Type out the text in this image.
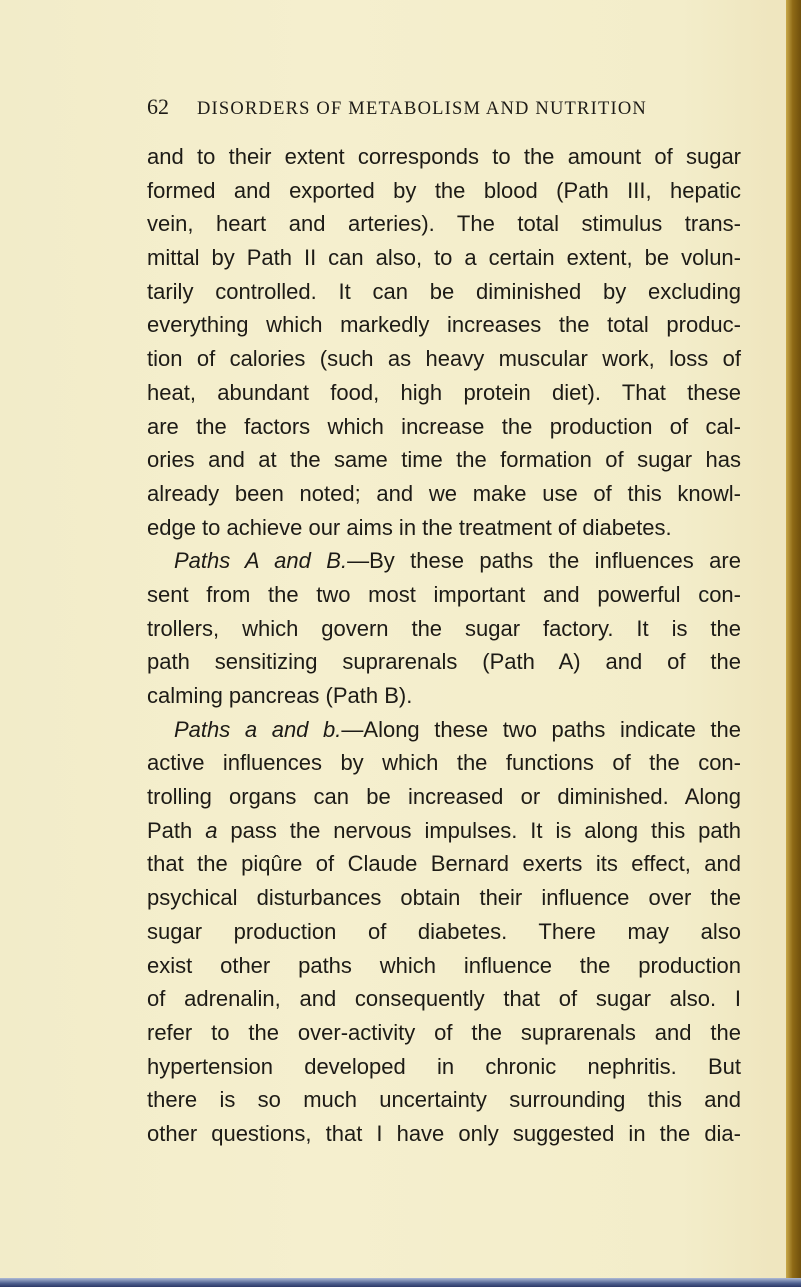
62 DISORDERS OF METABOLISM AND NUTRITION
and to their extent corresponds to the amount of sugar
formed and exported by the blood (Path III, hepatic
vein, heart and arteries). The total stimulus trans-
mittal by Path II can also, to a certain extent, be volun-
tarily controlled. It can be diminished by excluding
everything which markedly increases the total produc-
tion of calories (such as heavy muscular work, loss of
heat, abundant food, high protein diet). That these
are the factors which increase the production of cal-
ories and at the same time the formation of sugar has
already been noted; and we make use of this knowl-
edge to achieve our aims in the treatment of diabetes.
Paths A and B.—By these paths the influences are
sent from the two most important and powerful con-
trollers, which govern the sugar factory. It is the
path sensitizing suprarenals (Path A) and of the
calming pancreas (Path B).
Paths a and b.—Along these two paths indicate the
active influences by which the functions of the con-
trolling organs can be increased or diminished. Along
Path a pass the nervous impulses. It is along this path
that the piqûre of Claude Bernard exerts its effect, and
psychical disturbances obtain their influence over the
sugar production of diabetes. There may also
exist other paths which influence the production
of adrenalin, and consequently that of sugar also. I
refer to the over-activity of the suprarenals and the
hypertension developed in chronic nephritis. But
there is so much uncertainty surrounding this and
other questions, that I have only suggested in the dia-
